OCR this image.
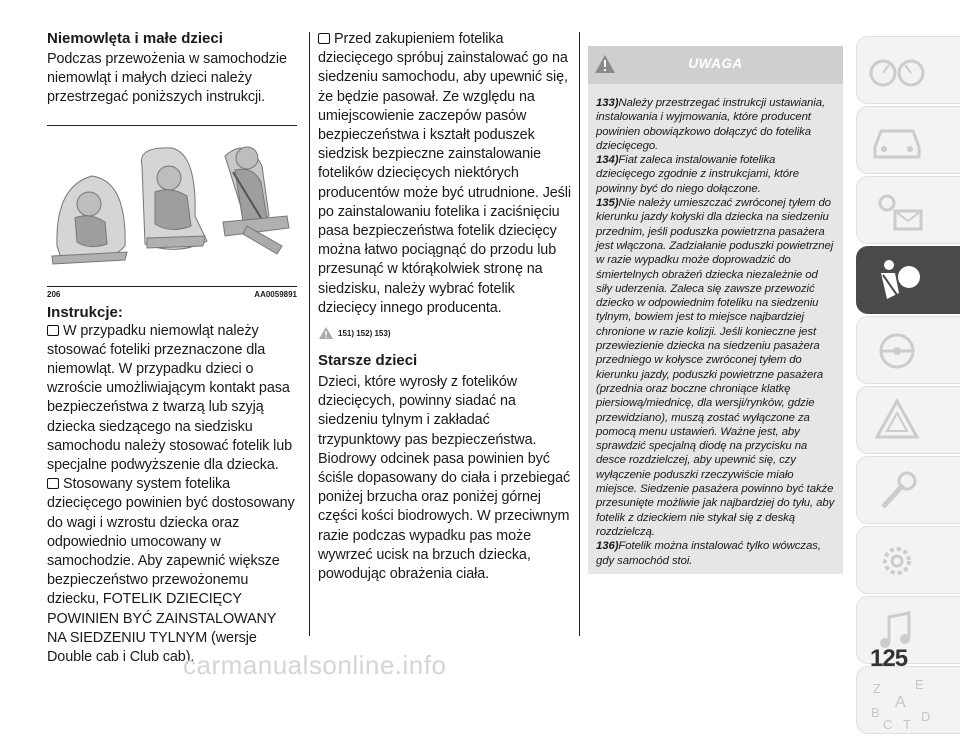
Niemowlęta i małe dzieci

Podczas przewożenia w samochodzie niemowląt i małych dzieci należy przestrzegać poniższych instrukcji.

206	AA0059891
Instrukcje:

W przypadku niemowląt należy stosować foteliki przeznaczone dla niemowląt. W przypadku dzieci o wzroście umożliwiającym kontakt pasa bezpieczeństwa z twarzą lub szyją dziecka siedzącego na siedzisku samochodu należy stosować fotelik lub specjalne podwyższenie dla dziecka.

Stosowany system fotelika dziecięcego powinien być dostosowany do wagi i wzrostu dziecka oraz odpowiednio umocowany w samochodzie. Aby zapewnić większe bezpieczeństwo przewożonemu dziecku, FOTELIK DZIECIĘCY POWINIEN BYĆ ZAINSTALOWANY NA SIEDZENIU TYLNYM (wersje Double cab i Club cab).

Przed zakupieniem fotelika dziecięcego spróbuj zainstalować go na siedzeniu samochodu, aby upewnić się, że będzie pasował. Ze względu na umiejscowienie zaczepów pasów bezpieczeństwa i kształt poduszek siedzisk bezpieczne zainstalowanie fotelików dziecięcych niektórych producentów może być utrudnione. Jeśli po zainstalowaniu fotelika i zaciśnięciu pasa bezpieczeństwa fotelik dziecięcy można łatwo pociągnąć do przodu lub przesunąć w którąkolwiek stronę na siedzisku, należy wybrać fotelik dziecięcy innego producenta.

151) 152) 153)
Starsze dzieci

Dzieci, które wyrosły z fotelików dziecięcych, powinny siadać na siedzeniu tylnym i zakładać trzypunktowy pas bezpieczeństwa. Biodrowy odcinek pasa powinien być ściśle dopasowany do ciała i przebiegać poniżej brzucha oraz poniżej górnej części kości biodrowych. W przeciwnym razie podczas wypadku pas może wywrzeć ucisk na brzuch dziecka, powodując obrażenia ciała.

UWAGA

133)Należy przestrzegać instrukcji ustawiania, instalowania i wyjmowania, które producent powinien obowiązkowo dołączyć do fotelika dziecięcego.

134)Fiat zaleca instalowanie fotelika dziecięcego zgodnie z instrukcjami, które powinny być do niego dołączone.

135)Nie należy umieszczać zwróconej tyłem do kierunku jazdy kołyski dla dziecka na siedzeniu przednim, jeśli poduszka powietrzna pasażera jest włączona. Zadziałanie poduszki powietrznej w razie wypadku może doprowadzić do śmiertelnych obrażeń dziecka niezależnie od siły uderzenia. Zaleca się zawsze przewozić dziecko w odpowiednim foteliku na siedzeniu tylnym, bowiem jest to miejsce najbardziej chronione w razie kolizji. Jeśli konieczne jest przewiezienie dziecka na siedzeniu pasażera przedniego w kołysce zwróconej tyłem do kierunku jazdy, poduszki powietrzne pasażera (przednia oraz boczne chroniące klatkę piersiową/miednicę, dla wersji/rynków, gdzie przewidziano), muszą zostać wyłączone za pomocą menu ustawień. Ważne jest, aby sprawdzić specjalną diodę na przycisku na desce rozdzielczej, aby upewnić się, czy wyłączenie poduszki rzeczywiście miało miejsce. Siedzenie pasażera powinno być także przesunięte możliwie jak najbardziej do tyłu, aby fotelik z dzieckiem nie stykał się z deską rozdzielczą.

136)Fotelik można instalować tylko wówczas, gdy samochód stoi.

Z	E
B
A
C T
D
125
carmanualsonline.info
